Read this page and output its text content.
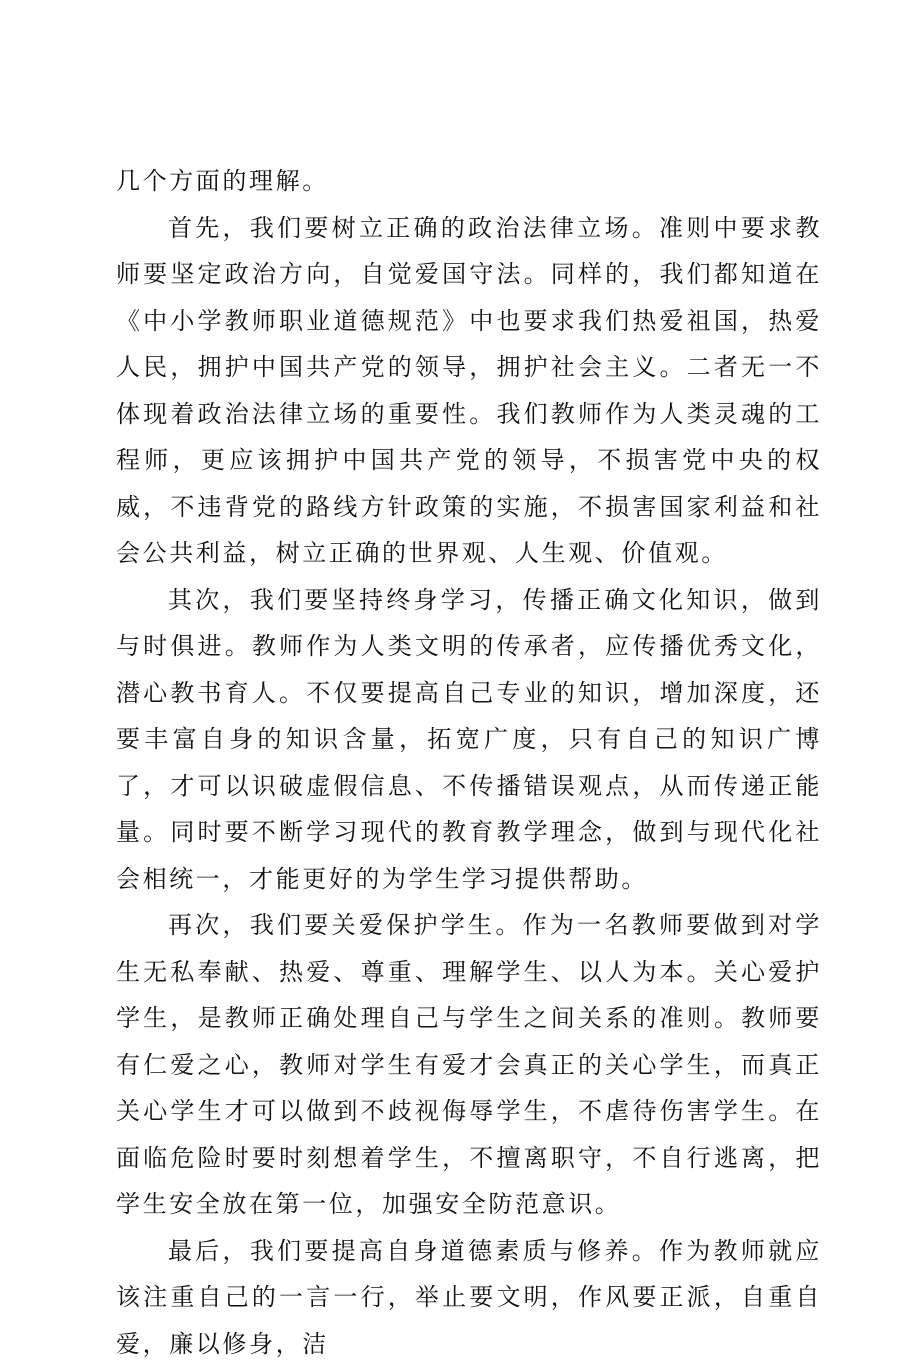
几个方面的理解。

首先，我们要树立正确的政治法律立场。准则中要求教师要坚定政治方向，自觉爱国守法。同样的，我们都知道在《中小学教师职业道德规范》中也要求我们热爱祖国，热爱人民，拥护中国共产党的领导，拥护社会主义。二者无一不体现着政治法律立场的重要性。我们教师作为人类灵魂的工程师，更应该拥护中国共产党的领导，不损害党中央的权威，不违背党的路线方针政策的实施，不损害国家利益和社会公共利益，树立正确的世界观、人生观、价值观。

其次，我们要坚持终身学习，传播正确文化知识，做到与时俱进。教师作为人类文明的传承者，应传播优秀文化，潜心教书育人。不仅要提高自己专业的知识，增加深度，还要丰富自身的知识含量，拓宽广度，只有自己的知识广博了，才可以识破虚假信息、不传播错误观点，从而传递正能量。同时要不断学习现代的教育教学理念，做到与现代化社会相统一，才能更好的为学生学习提供帮助。

再次，我们要关爱保护学生。作为一名教师要做到对学生无私奉献、热爱、尊重、理解学生、以人为本。关心爱护学生，是教师正确处理自己与学生之间关系的准则。教师要有仁爱之心，教师对学生有爱才会真正的关心学生，而真正关心学生才可以做到不歧视侮辱学生，不虐待伤害学生。在面临危险时要时刻想着学生，不擅离职守，不自行逃离，把学生安全放在第一位，加强安全防范意识。

最后，我们要提高自身道德素质与修养。作为教师就应该注重自己的一言一行，举止要文明，作风要正派，自重自爱，廉以修身，洁
